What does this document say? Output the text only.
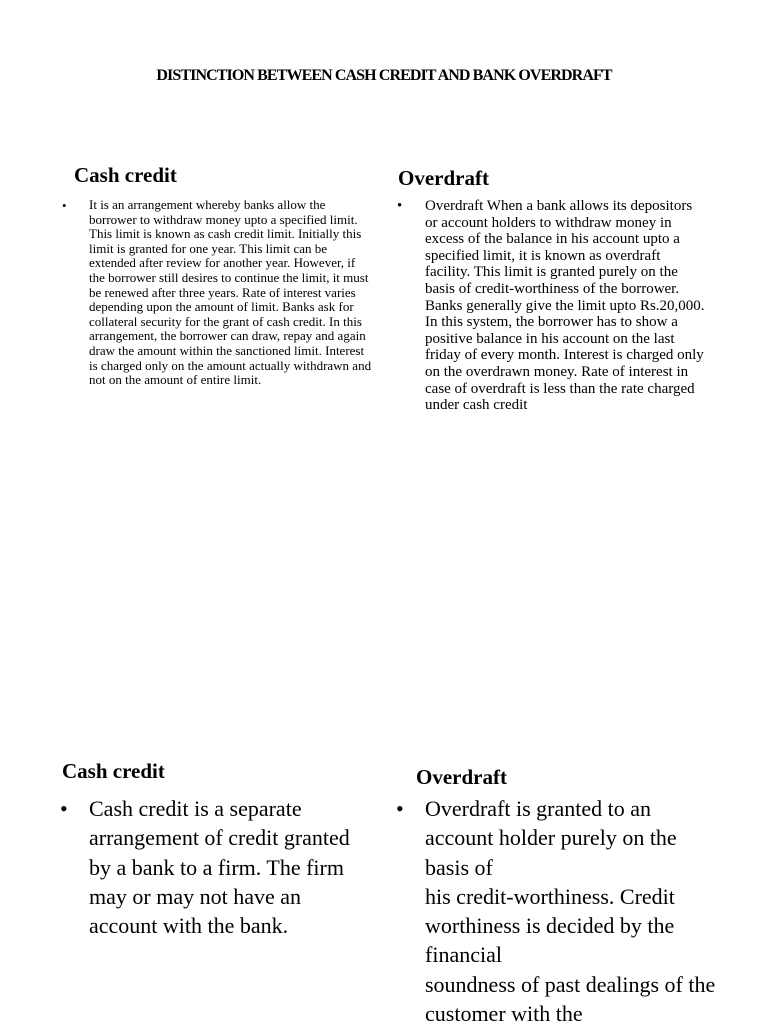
DISTINCTION BETWEEN CASH CREDIT AND BANK OVERDRAFT
Cash credit	Overdraft
• It is an arrangement whereby banks allow the borrower to withdraw money upto a specified limit. This limit is known as cash credit limit. Initially this limit is granted for one year. This limit can be extended after review for another year. However, if the borrower still desires to continue the limit, it must be renewed after three years. Rate of interest varies depending upon the amount of limit. Banks ask for collateral security for the grant of cash credit. In this arrangement, the borrower can draw, repay and again draw the amount within the sanctioned limit. Interest is charged only on the amount actually withdrawn and not on the amount of entire limit.
• Overdraft When a bank allows its depositors or account holders to withdraw money in excess of the balance in his account upto a specified limit, it is known as overdraft facility. This limit is granted purely on the basis of credit-worthiness of the borrower. Banks generally give the limit upto Rs.20,000. In this system, the borrower has to show a positive balance in his account on the last friday of every month. Interest is charged only on the overdrawn money. Rate of interest in case of overdraft is less than the rate charged under cash credit
Cash credit	Overdraft
• Cash credit is a separate arrangement of credit granted by a bank to a firm. The firm may or may not have an account with the bank.
• Overdraft is granted to an account holder purely on the basis of
his credit-worthiness. Credit worthiness is decided by the financial
soundness of past dealings of the customer with the
